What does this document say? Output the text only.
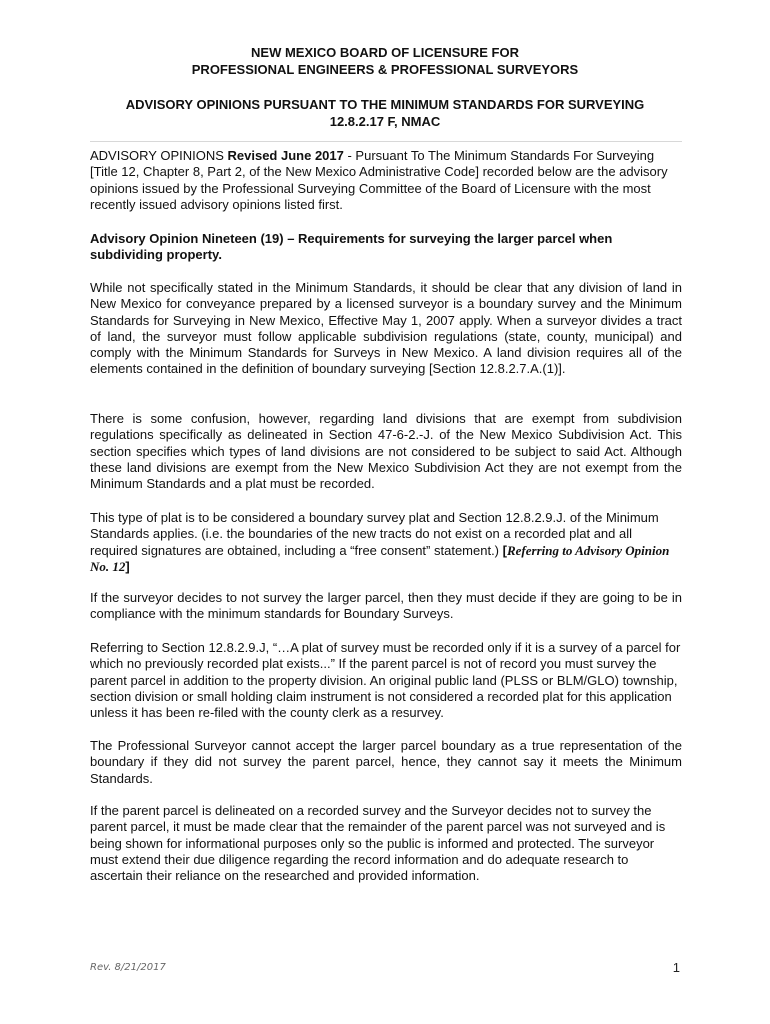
NEW MEXICO BOARD OF LICENSURE FOR
PROFESSIONAL ENGINEERS & PROFESSIONAL SURVEYORS
ADVISORY OPINIONS PURSUANT TO THE MINIMUM STANDARDS FOR SURVEYING
12.8.2.17 F, NMAC
ADVISORY OPINIONS Revised June 2017 - Pursuant To The Minimum Standards For Surveying [Title 12, Chapter 8, Part 2, of the New Mexico Administrative Code] recorded below are the advisory opinions issued by the Professional Surveying Committee of the Board of Licensure with the most recently issued advisory opinions listed first.
Advisory Opinion Nineteen (19) – Requirements for surveying the larger parcel when subdividing property.
While not specifically stated in the Minimum Standards, it should be clear that any division of land in New Mexico for conveyance prepared by a licensed surveyor is a boundary survey and the Minimum Standards for Surveying in New Mexico, Effective May 1, 2007 apply. When a surveyor divides a tract of land, the surveyor must follow applicable subdivision regulations (state, county, municipal) and comply with the Minimum Standards for Surveys in New Mexico. A land division requires all of the elements contained in the definition of boundary surveying [Section 12.8.2.7.A.(1)].
There is some confusion, however, regarding land divisions that are exempt from subdivision regulations specifically as delineated in Section 47-6-2.-J. of the New Mexico Subdivision Act. This section specifies which types of land divisions are not considered to be subject to said Act. Although these land divisions are exempt from the New Mexico Subdivision Act they are not exempt from the Minimum Standards and a plat must be recorded.
This type of plat is to be considered a boundary survey plat and Section 12.8.2.9.J. of the Minimum Standards applies. (i.e. the boundaries of the new tracts do not exist on a recorded plat and all required signatures are obtained, including a “free consent” statement.) [Referring to Advisory Opinion No. 12]
If the surveyor decides to not survey the larger parcel, then they must decide if they are going to be in compliance with the minimum standards for Boundary Surveys.
Referring to Section 12.8.2.9.J, “…A plat of survey must be recorded only if it is a survey of a parcel for which no previously recorded plat exists...” If the parent parcel is not of record you must survey the parent parcel in addition to the property division. An original public land (PLSS or BLM/GLO) township, section division or small holding claim instrument is not considered a recorded plat for this application unless it has been re-filed with the county clerk as a resurvey.
The Professional Surveyor cannot accept the larger parcel boundary as a true representation of the boundary if they did not survey the parent parcel, hence, they cannot say it meets the Minimum Standards.
If the parent parcel is delineated on a recorded survey and the Surveyor decides not to survey the parent parcel, it must be made clear that the remainder of the parent parcel was not surveyed and is being shown for informational purposes only so the public is informed and protected. The surveyor must extend their due diligence regarding the record information and do adequate research to ascertain their reliance on the researched and provided information.
Rev. 8/21/2017	1
